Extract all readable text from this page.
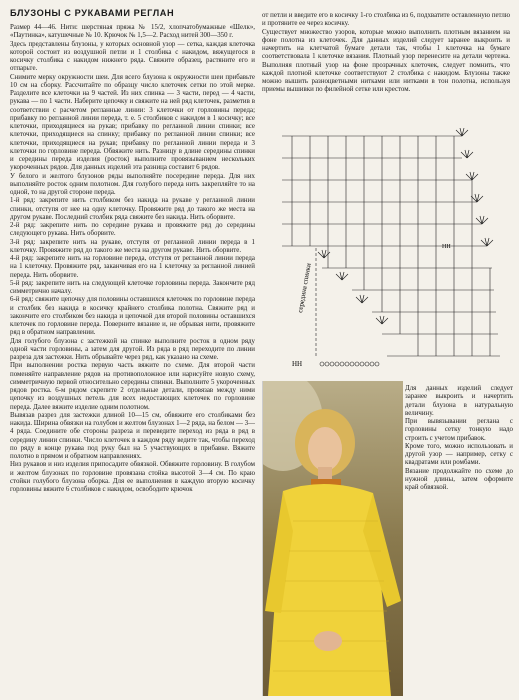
БЛУЗОНЫ С РУКАВАМИ РЕГЛАН

Размер 44—46. Нити: шерстяная пряжа № 15/2, хлопчатобумажные «Шелк», «Паутинка», катушечные № 10. Крючок № 1,5—2. Расход нитей 300—350 г.

Здесь представлены блузоны, у которых основной узор — сетка, каждая клеточка которой состоит из воздушной петли и 1 столбика с накидом, вяжущегося в косичку столбика с накидом нижнего ряда. Свяжите образец, растяните его и отпарьте.

Снимите мерку окружности шеи. Для всего блузона к окружности шеи прибавьте 10 см на сборку. Рассчитайте по образцу число клеточек сетки по этой мерке. Разделите все клеточки на 9 частей. Из них спинка — 3 части, перед — 4 части, рукава — по 1 части. Наберите цепочку и свяжите на ней ряд клеточек, разметив в соответствии с расчетом регланные линии: 3 клеточки от горловины переда; прибавку по регланной линии переда, т. е. 5 столбиков с накидом в 1 косичку; все клеточки, приходящиеся на рукав; прибавку по регланной линии спинки; все клеточки, приходящиеся на спинку; прибавку по регланной линии спинки; все клеточки, приходящиеся на рукав; прибавку по регланной линии переда и 3 клеточки по горловине переда. Обвяжите нить. Разницу в длине середины спинки и середины переда изделия (росток) выполните провязыванием нескольких укороченных рядов. Для данных изделий эта разница составит 6 рядов.

У белого и желтого блузонов ряды выполняйте посередине переда. Для них выполняйте росток одним полотном. Для голубого переда нить закрепляйте то на одной, то на другой стороне переда.

1-й ряд: закрепите нить столбиком без накида на рукаве у регланной линии спинки, отступя от нее на одну клеточку. Провяжите ряд до такого же места на другом рукаве. Последний столбик ряда свяжите без накида. Нить оборвите.

2-й ряд: закрепите нить по середине рукава и провяжите ряд до середины следующего рукава. Нить оборвите.

3-й ряд: закрепите нить на рукаве, отступя от регланной линии переда в 1 клеточку. Провяжите ряд до такого же места на другом рукаве. Нить оборвите.

4-й ряд: закрепите нить на горловине переда, отступя от регланной линии переда на 1 клеточку. Провяжите ряд, заканчивая его на 1 клеточку за регланной линией переда. Нить оборвите.

5-й ряд: закрепите нить на следующей клеточке горловины переда. Закончите ряд симметрично началу.

6-й ряд: свяжите цепочку для половины оставшихся клеточек по горловине переда и столбик без накида в косичку крайнего столбика полотна. Свяжите ряд и закончите его столбиком без накида и цепочкой для второй половины оставшихся клеточек по горловине переда. Поверните вязание и, не обрывая нити, провяжите ряд в обратном направлении.

Для голубого блузона с застежкой на спинке выполните росток в одном ряду одной части горловины, а затем для другой. Из ряда в ряд переходите по линии разреза для застежки. Нить обрывайте через ряд, как указано на схеме.

При выполнении ростка первую часть вяжите по схеме. Для второй части поменяйте направление рядов на противоположное или нарисуйте новую схему, симметричную первой относительно середины спинки. Выполните 5 укороченных рядов ростка. 6-м рядом скрепите 2 отдельные детали, провязав между ними цепочку из воздушных петель для всех недостающих клеточек по горловине переда. Далее вяжите изделие одним полотном.

Вывязав разрез для застежки длиной 10—15 см, обвяжите его столбиками без накида. Ширина обвязки на голубом и желтом блузонах 1—2 ряда, на белом — 3—4 ряда. Соедините обе стороны разреза и переведите переход из ряда в ряд в середину линии спинки. Число клеточек в каждом ряду ведите так, чтобы переход по ряду в конце рукава под руку был на 5 участвующих в прибавке. Вяжите полотно в прямом и обратном направлениях.

Низ рукавов и низ изделия припосадите обвязкой. Обвяжите горловину. В голубом и желтом блузонах по горловине провязана стойка высотой 3—4 см. По краю стойки голубого блузона оборка. Для ее выполнения в каждую вторую косичку горловины вяжите 6 столбиков с накидом, освободите крючок

от петли и введите его в косичку 1-го столбика из 6, подхватите оставленную петлю и протяните ее через косичку.

Существует множество узоров, которые можно выполнить плотным вязанием на фоне полотна из клеточек. Для данных изделий следует заранее выкроить и начертить на клетчатой бумаге детали так, чтобы 1 клеточка на бумаге соответствовала 1 клеточке вязания. Плотный узор перенесите на детали чертежа. Выполняя плотный узор на фоне прозрачных клеточек, следует помнить, что каждой плотной клеточке соответствуют 2 столбика с накидом. Блузоны также можно вышить разноцветными нитками или нитками в тон полотна, используя приемы вышивки по филейной сетке или крестом.

середина спинки
НН
НН

Для данных изделий следует заранее выкроить и начертить детали блузона в натуральную величину.

При вывязывании реглана с горловины сетку тонкую надо строить с учетом прибавок.

Кроме того, можно использовать и другой узор — например, сетку с квадратами или ромбами.

Вязание продолжайте по схеме до нужной длины, затем оформите край обвязкой.
